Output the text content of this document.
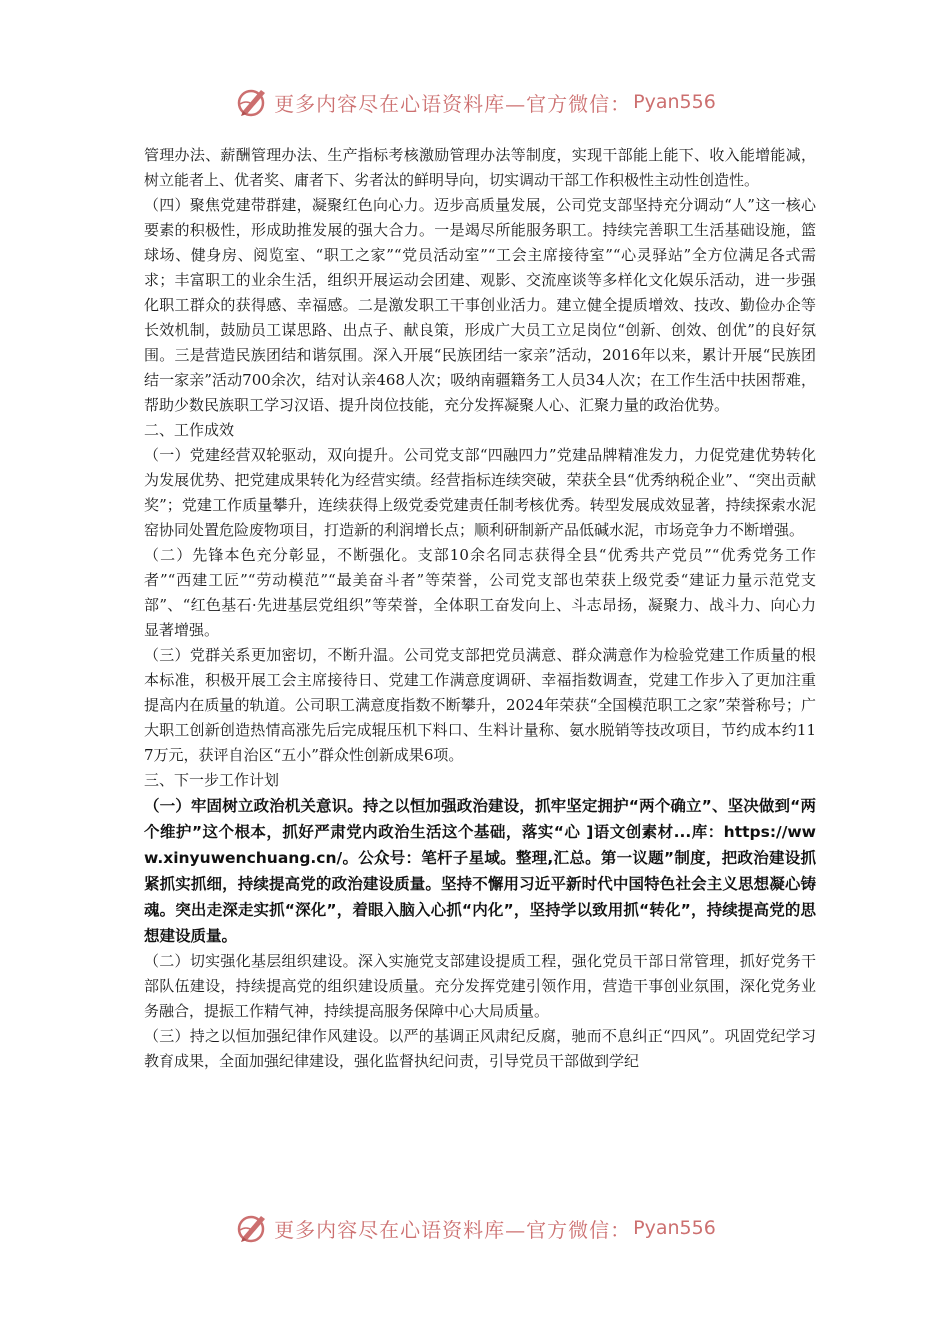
更多内容尽在心语资料库—官方微信： Pyan556

管理办法、薪酬管理办法、生产指标考核激励管理办法等制度，实现干部能上能下、收入能增能减，树立能者上、优者奖、庸者下、劣者汰的鲜明导向，切实调动干部工作积极性主动性创造性。

（四）聚焦党建带群建，凝聚红色向心力。迈步高质量发展，公司党支部坚持充分调动“人”这一核心要素的积极性，形成助推发展的强大合力。一是竭尽所能服务职工。持续完善职工生活基础设施，篮球场、健身房、阅览室、“职工之家”“党员活动室”“工会主席接待室”“心灵驿站”全方位满足各式需求；丰富职工的业余生活，组织开展运动会团建、观影、交流座谈等多样化文化娱乐活动，进一步强化职工群众的获得感、幸福感。二是激发职工干事创业活力。建立健全提质增效、技改、勤俭办企等长效机制，鼓励员工谋思路、出点子、献良策，形成广大员工立足岗位“创新、创效、创优”的良好氛围。三是营造民族团结和谐氛围。深入开展“民族团结一家亲”活动，2016年以来，累计开展“民族团结一家亲”活动700余次，结对认亲468人次；吸纳南疆籍务工人员34人次；在工作生活中扶困帮难，帮助少数民族职工学习汉语、提升岗位技能，充分发挥凝聚人心、汇聚力量的政治优势。

二、工作成效

（一）党建经营双轮驱动，双向提升。公司党支部“四融四力”党建品牌精准发力，力促党建优势转化为发展优势、把党建成果转化为经营实绩。经营指标连续突破，荣获全县“优秀纳税企业”、“突出贡献奖”；党建工作质量攀升，连续获得上级党委党建责任制考核优秀。转型发展成效显著，持续探索水泥窑协同处置危险废物项目，打造新的利润增长点；顺利研制新产品低碱水泥，市场竞争力不断增强。

（二）先锋本色充分彰显，不断强化。支部10余名同志获得全县“优秀共产党员”“优秀党务工作者”“西建工匠”“劳动模范”“最美奋斗者”等荣誉，公司党支部也荣获上级党委“建证力量示范党支部”、“红色基石·先进基层党组织”等荣誉，全体职工奋发向上、斗志昂扬，凝聚力、战斗力、向心力显著增强。

（三）党群关系更加密切，不断升温。公司党支部把党员满意、群众满意作为检验党建工作质量的根本标准，积极开展工会主席接待日、党建工作满意度调研、幸福指数调查，党建工作步入了更加注重提高内在质量的轨道。公司职工满意度指数不断攀升，2024年荣获“全国模范职工之家”荣誉称号；广大职工创新创造热情高涨先后完成辊压机下料口、生料计量称、氨水脱销等技改项目，节约成本约117万元，获评自治区“五小”群众性创新成果6项。

三、下一步工作计划

（一）牢固树立政治机关意识。持之以恒加强政治建设，抓牢坚定拥护“两个确立”、坚决做到“两个维护”这个根本，抓好严肃党内政治生活这个基础，落实“心 ]语文创素材...库：https://www.xinyuwenchuang.cn/。公众号：笔杆子星域。整理,汇总。第一议题”制度，把政治建设抓紧抓实抓细，持续提高党的政治建设质量。坚持不懈用习近平新时代中国特色社会主义思想凝心铸魂。突出走深走实抓“深化”，着眼入脑入心抓“内化”，坚持学以致用抓“转化”，持续提高党的思想建设质量。

（二）切实强化基层组织建设。深入实施党支部建设提质工程，强化党员干部日常管理，抓好党务干部队伍建设，持续提高党的组织建设质量。充分发挥党建引领作用，营造干事创业氛围，深化党务业务融合，提振工作精气神，持续提高服务保障中心大局质量。

（三）持之以恒加强纪律作风建设。以严的基调正风肃纪反腐，驰而不息纠正“四风”。巩固党纪学习教育成果，全面加强纪律建设，强化监督执纪问责，引导党员干部做到学纪

更多内容尽在心语资料库—官方微信： Pyan556
